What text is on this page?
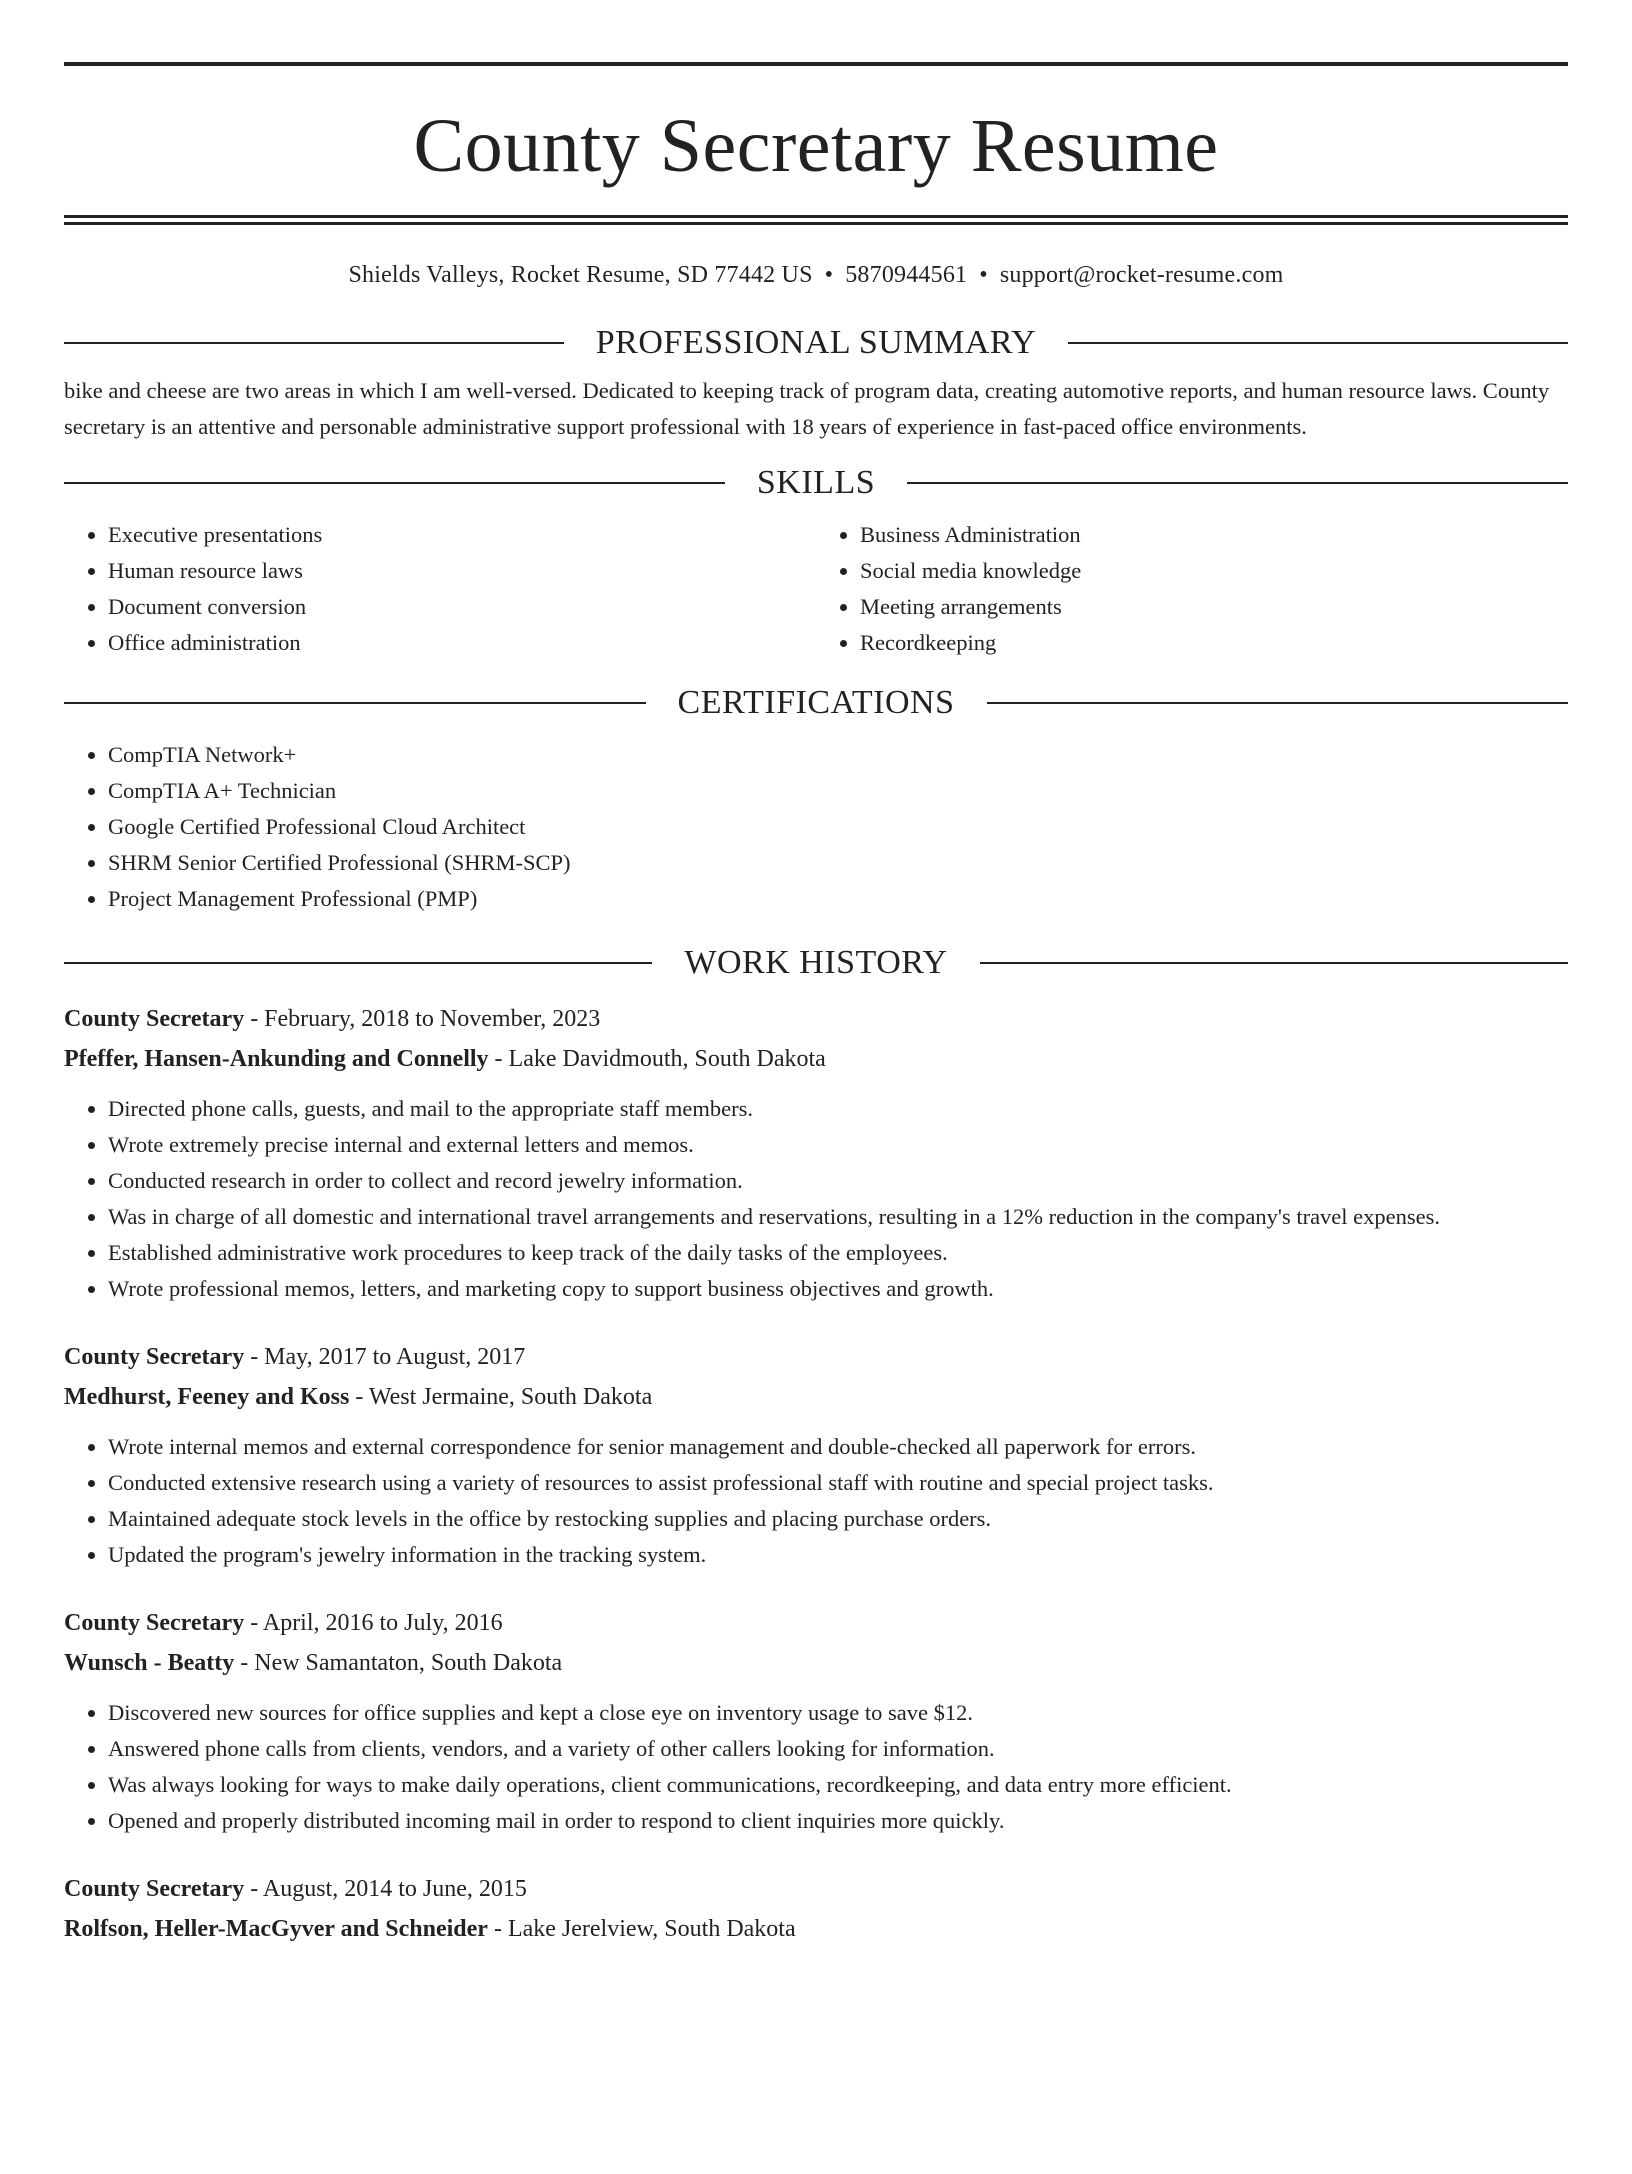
County Secretary Resume
Shields Valleys, Rocket Resume, SD 77442 US • 5870944561 • support@rocket-resume.com
PROFESSIONAL SUMMARY

bike and cheese are two areas in which I am well-versed. Dedicated to keeping track of program data, creating automotive reports, and human resource laws. County secretary is an attentive and personable administrative support professional with 18 years of experience in fast-paced office environments.

SKILLS
• Executive presentations
• Human resource laws
• Document conversion
• Office administration
• Business Administration
• Social media knowledge
• Meeting arrangements
• Recordkeeping
CERTIFICATIONS
• CompTIA Network+
• CompTIA A+ Technician
• Google Certified Professional Cloud Architect
• SHRM Senior Certified Professional (SHRM-SCP)
• Project Management Professional (PMP)
WORK HISTORY
County Secretary - February, 2018 to November, 2023
Pfeffer, Hansen-Ankunding and Connelly - Lake Davidmouth, South Dakota
• Directed phone calls, guests, and mail to the appropriate staff members.
• Wrote extremely precise internal and external letters and memos.
• Conducted research in order to collect and record jewelry information.
• Was in charge of all domestic and international travel arrangements and reservations, resulting in a 12% reduction in the company's travel expenses.
• Established administrative work procedures to keep track of the daily tasks of the employees.
• Wrote professional memos, letters, and marketing copy to support business objectives and growth.
County Secretary - May, 2017 to August, 2017
Medhurst, Feeney and Koss - West Jermaine, South Dakota
• Wrote internal memos and external correspondence for senior management and double-checked all paperwork for errors.
• Conducted extensive research using a variety of resources to assist professional staff with routine and special project tasks.
• Maintained adequate stock levels in the office by restocking supplies and placing purchase orders.
• Updated the program's jewelry information in the tracking system.
County Secretary - April, 2016 to July, 2016
Wunsch - Beatty - New Samantaton, South Dakota
• Discovered new sources for office supplies and kept a close eye on inventory usage to save $12.
• Answered phone calls from clients, vendors, and a variety of other callers looking for information.
• Was always looking for ways to make daily operations, client communications, recordkeeping, and data entry more efficient.
• Opened and properly distributed incoming mail in order to respond to client inquiries more quickly.
County Secretary - August, 2014 to June, 2015
Rolfson, Heller-MacGyver and Schneider - Lake Jerelview, South Dakota
